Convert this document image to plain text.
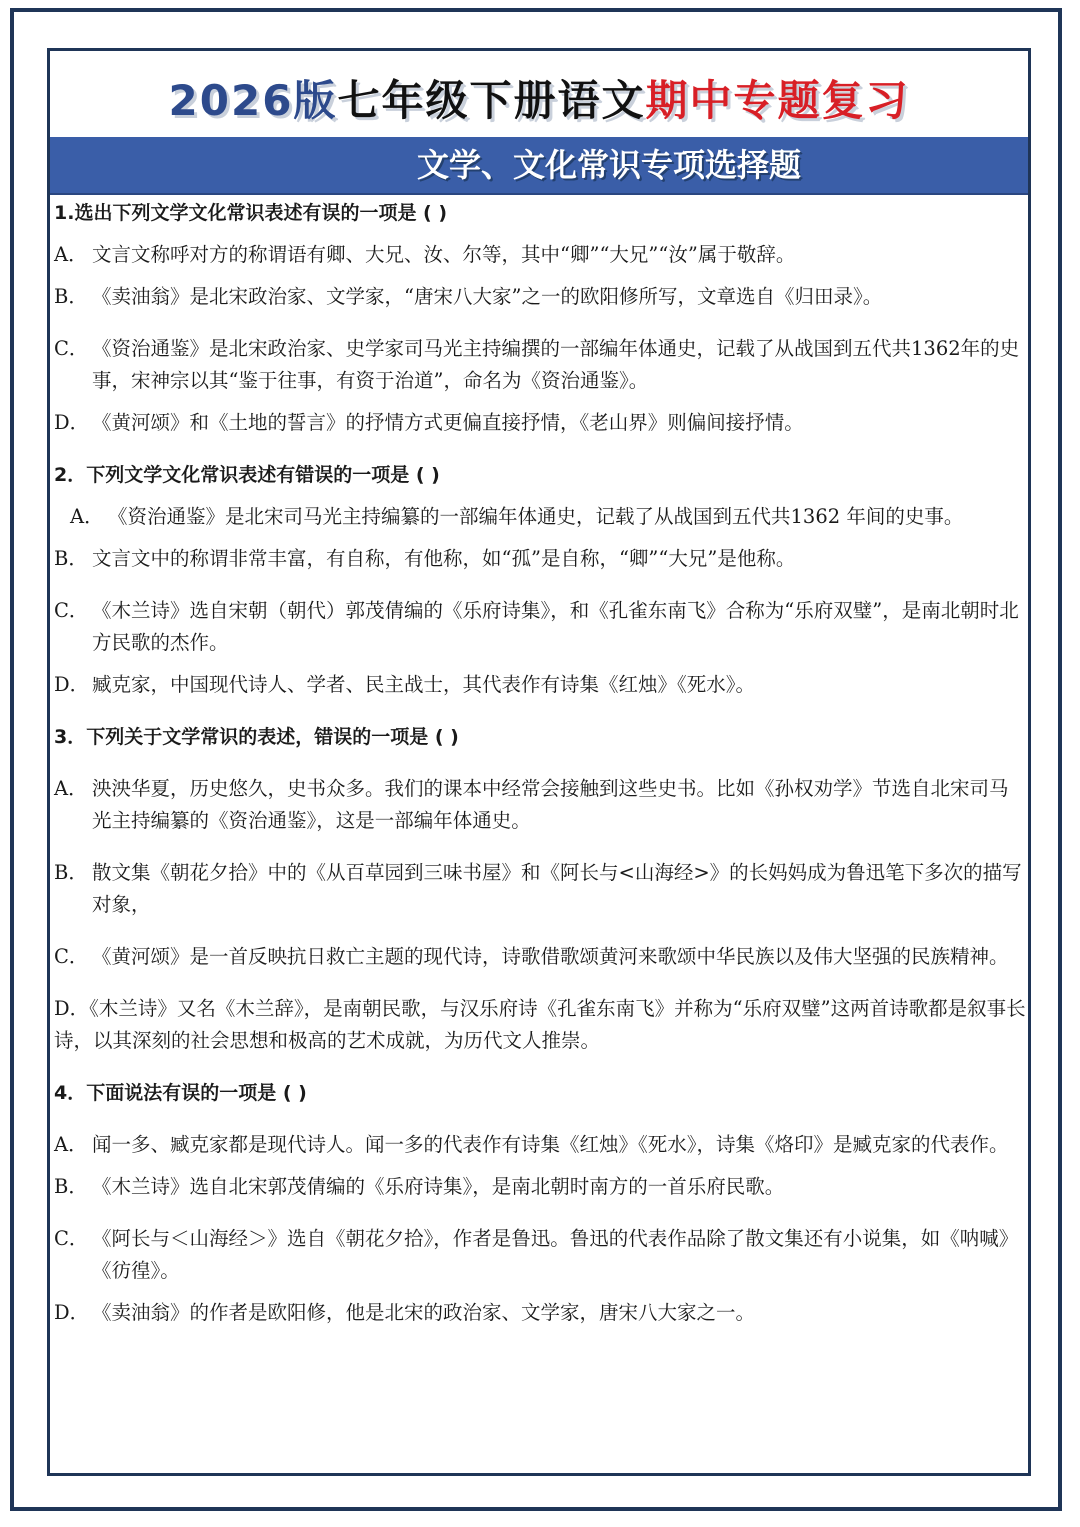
2026版七年级下册语文期中专题复习
文学、文化常识专项选择题

1.选出下列文学文化常识表述有误的一项是 ( )

A． 文言文称呼对方的称谓语有卿、大兄、汝、尔等，其中“卿”“大兄”“汝”属于敬辞。
B． 《卖油翁》是北宋政治家、文学家，“唐宋八大家”之一的欧阳修所写，文章选自《归田录》。
C． 《资治通鉴》是北宋政治家、史学家司马光主持编撰的一部编年体通史，记载了从战国到五代共1362年的史事，宋神宗以其“鉴于往事，有资于治道”，命名为《资治通鉴》。
D． 《黄河颂》和《土地的誓言》的抒情方式更偏直接抒情，《老山界》则偏间接抒情。

2．下列文学文化常识表述有错误的一项是 ( )

A． 《资治通鉴》是北宋司马光主持编纂的一部编年体通史，记载了从战国到五代共1362 年间的史事。
B． 文言文中的称谓非常丰富，有自称，有他称，如“孤”是自称，“卿”“大兄”是他称。
C． 《木兰诗》选自宋朝（朝代）郭茂倩编的《乐府诗集》，和《孔雀东南飞》合称为“乐府双璧”，是南北朝时北方民歌的杰作。
D． 臧克家，中国现代诗人、学者、民主战士，其代表作有诗集《红烛》《死水》。

3．下列关于文学常识的表述，错误的一项是 ( )

A． 泱泱华夏，历史悠久，史书众多。我们的课本中经常会接触到这些史书。比如《孙权劝学》节选自北宋司马光主持编纂的《资治通鉴》，这是一部编年体通史。
B． 散文集《朝花夕拾》中的《从百草园到三味书屋》和《阿长与<山海经>》的长妈妈成为鲁迅笔下多次的描写对象，
C． 《黄河颂》是一首反映抗日救亡主题的现代诗，诗歌借歌颂黄河来歌颂中华民族以及伟大坚强的民族精神。
D．《木兰诗》又名《木兰辞》，是南朝民歌，与汉乐府诗《孔雀东南飞》并称为“乐府双璧”这两首诗歌都是叙事长诗，以其深刻的社会思想和极高的艺术成就，为历代文人推崇。

4．下面说法有误的一项是 ( )

A． 闻一多、臧克家都是现代诗人。闻一多的代表作有诗集《红烛》《死水》，诗集《烙印》是臧克家的代表作。
B． 《木兰诗》选自北宋郭茂倩编的《乐府诗集》，是南北朝时南方的一首乐府民歌。
C． 《阿长与＜山海经＞》选自《朝花夕拾》，作者是鲁迅。鲁迅的代表作品除了散文集还有小说集，如《呐喊》《彷徨》。
D． 《卖油翁》的作者是欧阳修，他是北宋的政治家、文学家，唐宋八大家之一。
